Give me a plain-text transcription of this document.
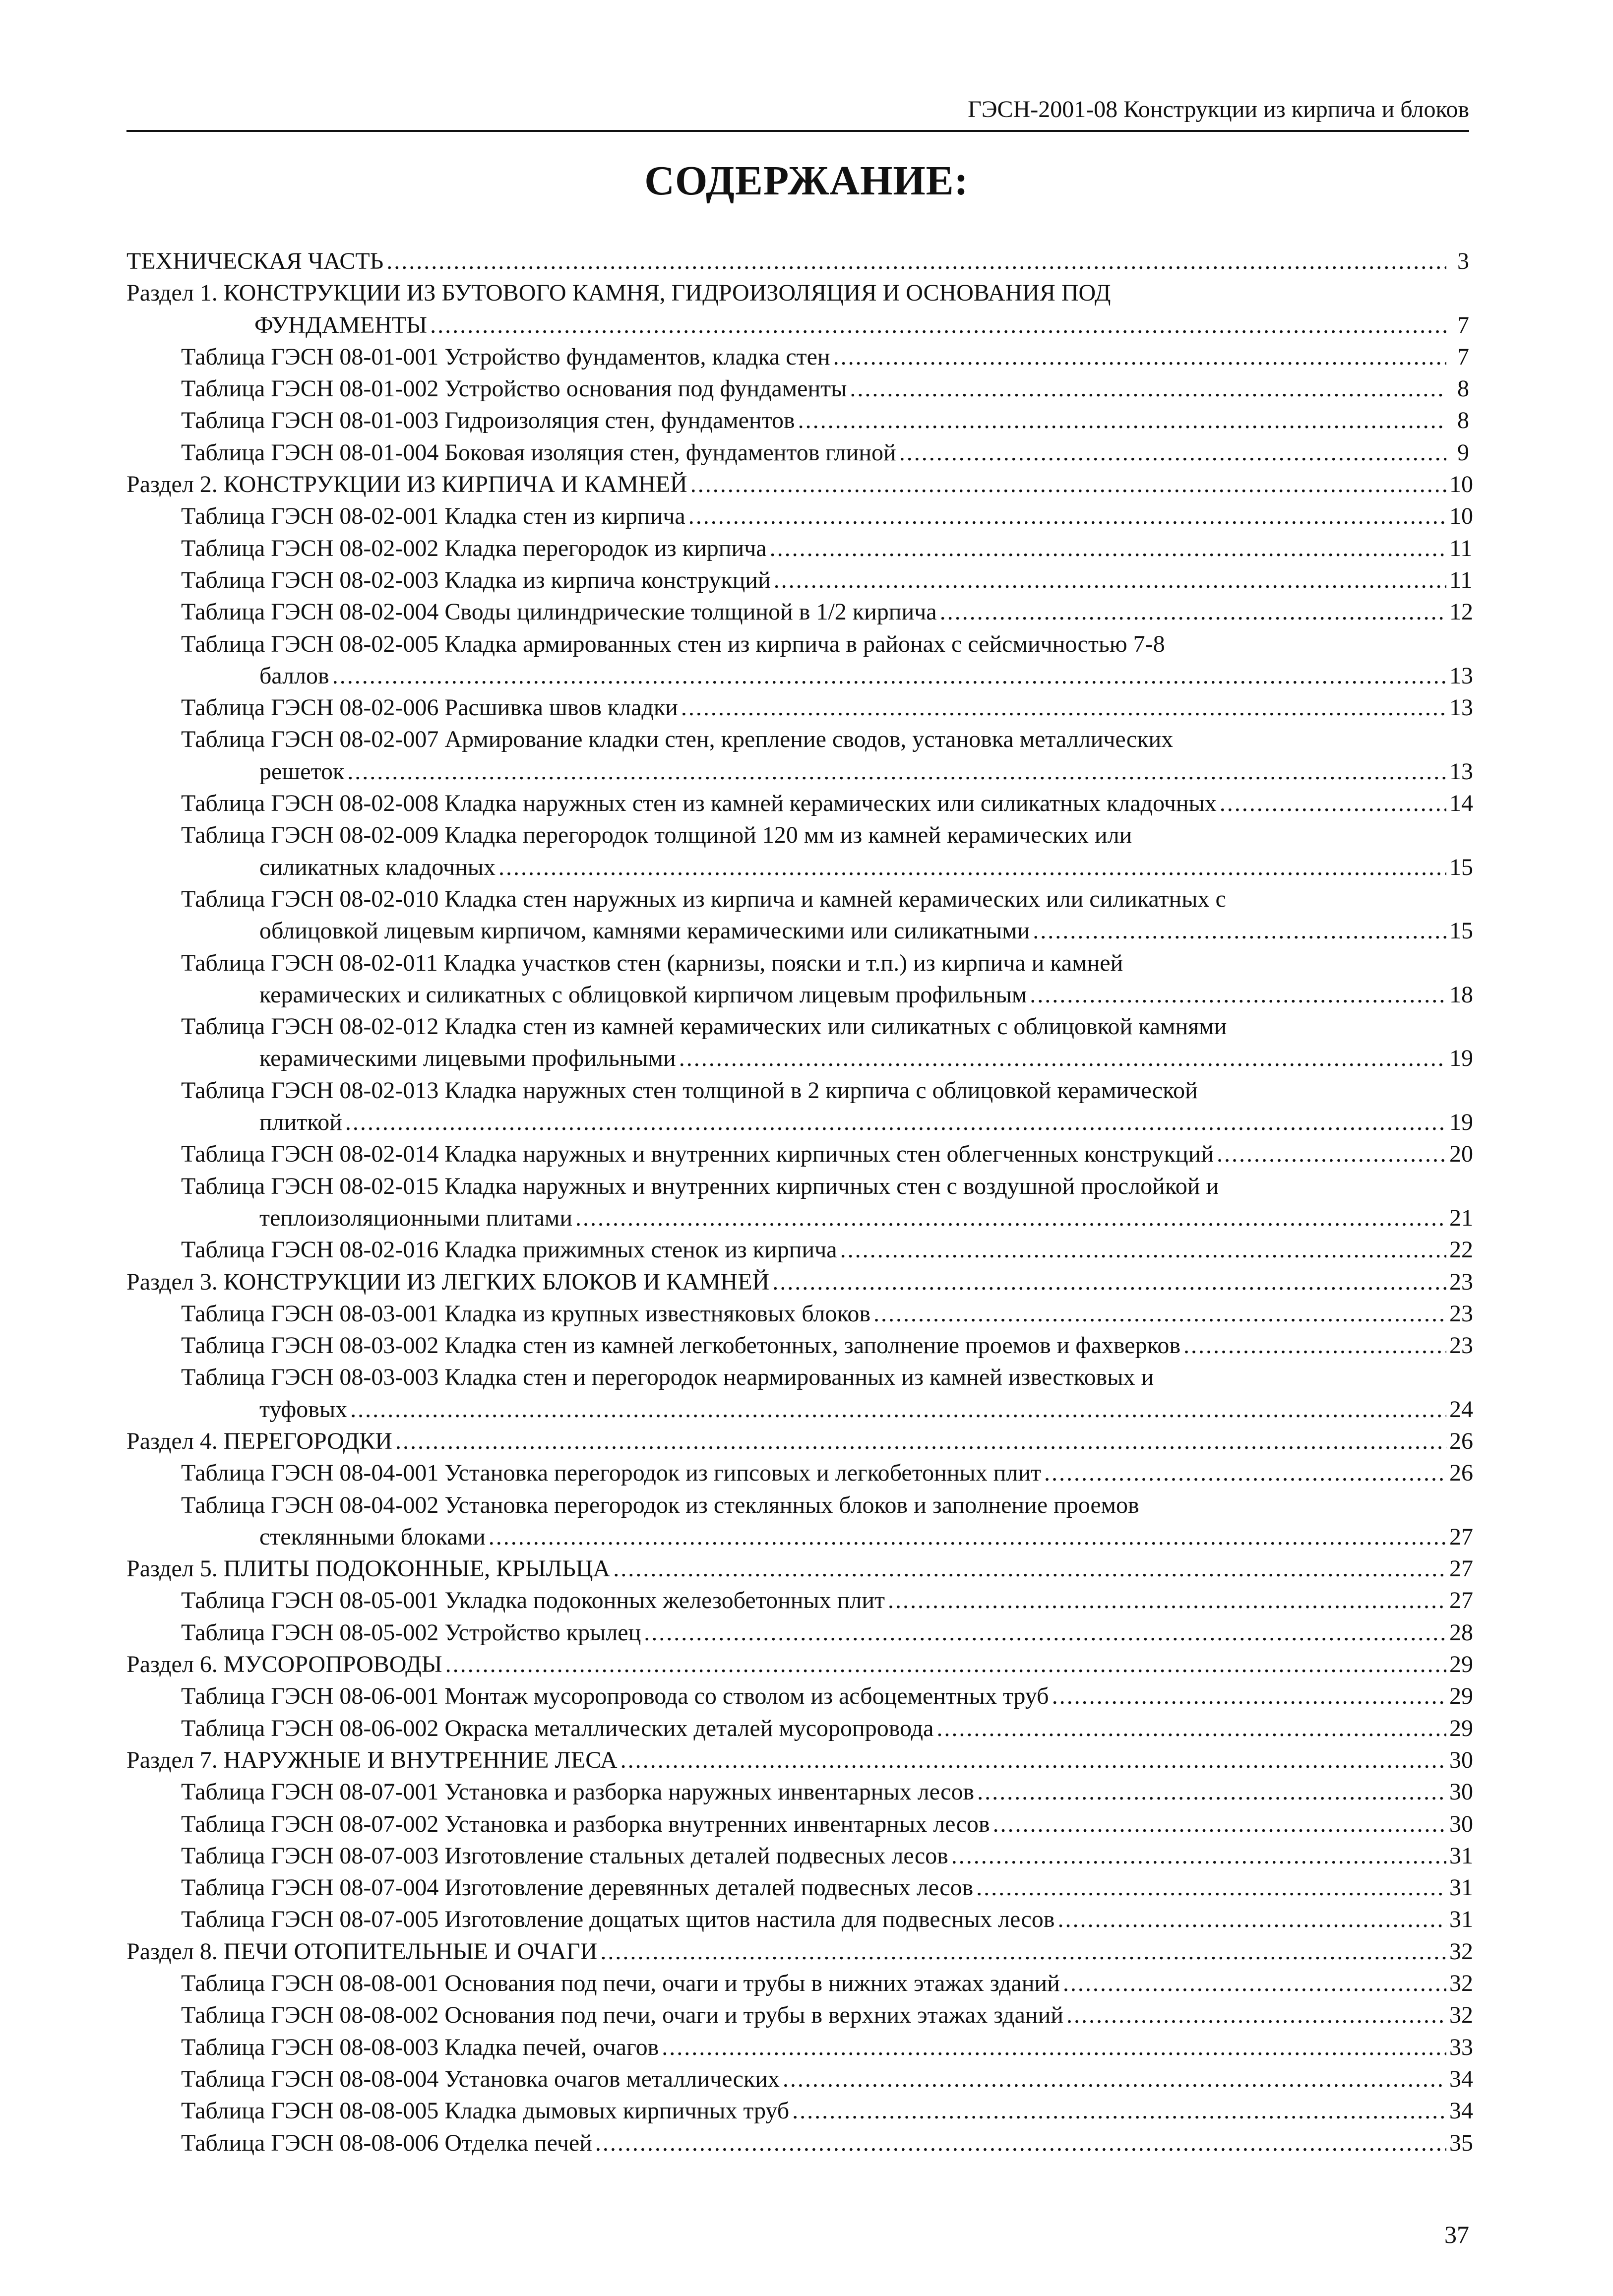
ГЭСН-2001-08 Конструкции из кирпича и блоков
СОДЕРЖАНИЕ:
ТЕХНИЧЕСКАЯ ЧАСТЬ .....	3
Раздел 1. КОНСТРУКЦИИ ИЗ БУТОВОГО КАМНЯ, ГИДРОИЗОЛЯЦИЯ И ОСНОВАНИЯ ПОД
ФУНДАМЕНТЫ .....	7
Таблица ГЭСН 08-01-001 Устройство фундаментов, кладка стен .....	7
Таблица ГЭСН 08-01-002 Устройство основания под фундаменты .....	8
Таблица ГЭСН 08-01-003 Гидроизоляция стен, фундаментов .....	8
Таблица ГЭСН 08-01-004 Боковая изоляция стен, фундаментов глиной .....	9
Раздел 2. КОНСТРУКЦИИ ИЗ КИРПИЧА И КАМНЕЙ .....	10
Таблица ГЭСН 08-02-001 Кладка стен из кирпича .....	10
Таблица ГЭСН 08-02-002 Кладка перегородок из кирпича .....	11
Таблица ГЭСН 08-02-003 Кладка из кирпича конструкций .....	11
Таблица ГЭСН 08-02-004 Своды цилиндрические толщиной в 1/2 кирпича .....	12
Таблица ГЭСН 08-02-005 Кладка армированных стен из кирпича в районах с сейсмичностью 7-8
баллов .....	13
Таблица ГЭСН 08-02-006 Расшивка швов кладки .....	13
Таблица ГЭСН 08-02-007 Армирование кладки стен, крепление сводов, установка металлических
решеток .....	13
Таблица ГЭСН 08-02-008 Кладка наружных стен из камней керамических или силикатных кладочных .....	14
Таблица ГЭСН 08-02-009 Кладка перегородок толщиной 120 мм из камней керамических или
силикатных кладочных .....	15
Таблица ГЭСН 08-02-010 Кладка стен наружных из кирпича и камней керамических или силикатных с
облицовкой лицевым кирпичом, камнями керамическими или силикатными .....	15
Таблица ГЭСН 08-02-011 Кладка участков стен (карнизы, пояски и т.п.) из кирпича и камней
керамических и силикатных с облицовкой кирпичом лицевым профильным .....	18
Таблица ГЭСН 08-02-012 Кладка стен из камней керамических или силикатных с облицовкой камнями
керамическими лицевыми профильными .....	19
Таблица ГЭСН 08-02-013 Кладка наружных стен толщиной в 2 кирпича с облицовкой керамической
плиткой .....	19
Таблица ГЭСН 08-02-014 Кладка наружных и внутренних кирпичных стен облегченных конструкций .....	20
Таблица ГЭСН 08-02-015 Кладка наружных и внутренних кирпичных стен с воздушной прослойкой и
теплоизоляционными плитами .....	21
Таблица ГЭСН 08-02-016 Кладка прижимных стенок из кирпича .....	22
Раздел 3. КОНСТРУКЦИИ ИЗ ЛЕГКИХ БЛОКОВ И КАМНЕЙ .....	23
Таблица ГЭСН 08-03-001 Кладка из крупных известняковых блоков .....	23
Таблица ГЭСН 08-03-002 Кладка стен из камней легкобетонных, заполнение проемов и фахверков .....	23
Таблица ГЭСН 08-03-003 Кладка стен и перегородок неармированных из камней известковых и
туфовых .....	24
Раздел 4. ПЕРЕГОРОДКИ .....	26
Таблица ГЭСН 08-04-001 Установка перегородок из гипсовых и легкобетонных плит .....	26
Таблица ГЭСН 08-04-002 Установка перегородок из стеклянных блоков и заполнение проемов
стеклянными блоками .....	27
Раздел 5. ПЛИТЫ ПОДОКОННЫЕ, КРЫЛЬЦА .....	27
Таблица ГЭСН 08-05-001 Укладка подоконных железобетонных плит .....	27
Таблица ГЭСН 08-05-002 Устройство крылец .....	28
Раздел 6. МУСОРОПРОВОДЫ .....	29
Таблица ГЭСН 08-06-001 Монтаж мусоропровода со стволом из асбоцементных труб .....	29
Таблица ГЭСН 08-06-002 Окраска металлических деталей мусоропровода .....	29
Раздел 7. НАРУЖНЫЕ И ВНУТРЕННИЕ ЛЕСА .....	30
Таблица ГЭСН 08-07-001 Установка и разборка наружных инвентарных лесов .....	30
Таблица ГЭСН 08-07-002 Установка и разборка внутренних инвентарных лесов .....	30
Таблица ГЭСН 08-07-003 Изготовление стальных деталей подвесных лесов .....	31
Таблица ГЭСН 08-07-004 Изготовление деревянных деталей подвесных лесов .....	31
Таблица ГЭСН 08-07-005 Изготовление дощатых щитов настила для подвесных лесов .....	31
Раздел 8. ПЕЧИ ОТОПИТЕЛЬНЫЕ И ОЧАГИ .....	32
Таблица ГЭСН 08-08-001 Основания под печи, очаги и трубы в нижних этажах зданий .....	32
Таблица ГЭСН 08-08-002 Основания под печи, очаги и трубы в верхних этажах зданий .....	32
Таблица ГЭСН 08-08-003 Кладка печей, очагов .....	33
Таблица ГЭСН 08-08-004 Установка очагов металлических .....	34
Таблица ГЭСН 08-08-005 Кладка дымовых кирпичных труб .....	34
Таблица ГЭСН 08-08-006 Отделка печей .....	35
37
